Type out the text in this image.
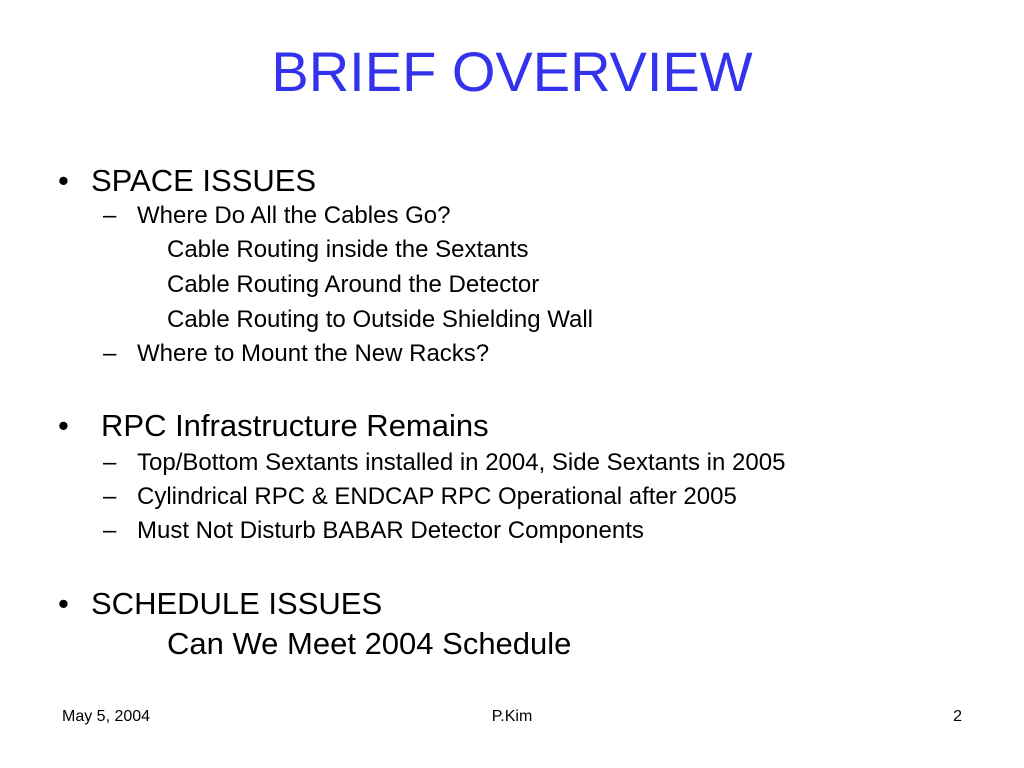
BRIEF OVERVIEW
• SPACE ISSUES
– Where Do All the Cables Go?
Cable Routing inside the Sextants
Cable Routing Around the Detector
Cable Routing to Outside Shielding Wall
– Where to Mount the New Racks?
• RPC Infrastructure Remains
– Top/Bottom Sextants installed in 2004, Side Sextants in 2005
– Cylindrical RPC & ENDCAP RPC Operational after 2005
– Must Not Disturb BABAR Detector Components
• SCHEDULE ISSUES
Can We Meet 2004 Schedule
May 5, 2004	P.Kim	2
